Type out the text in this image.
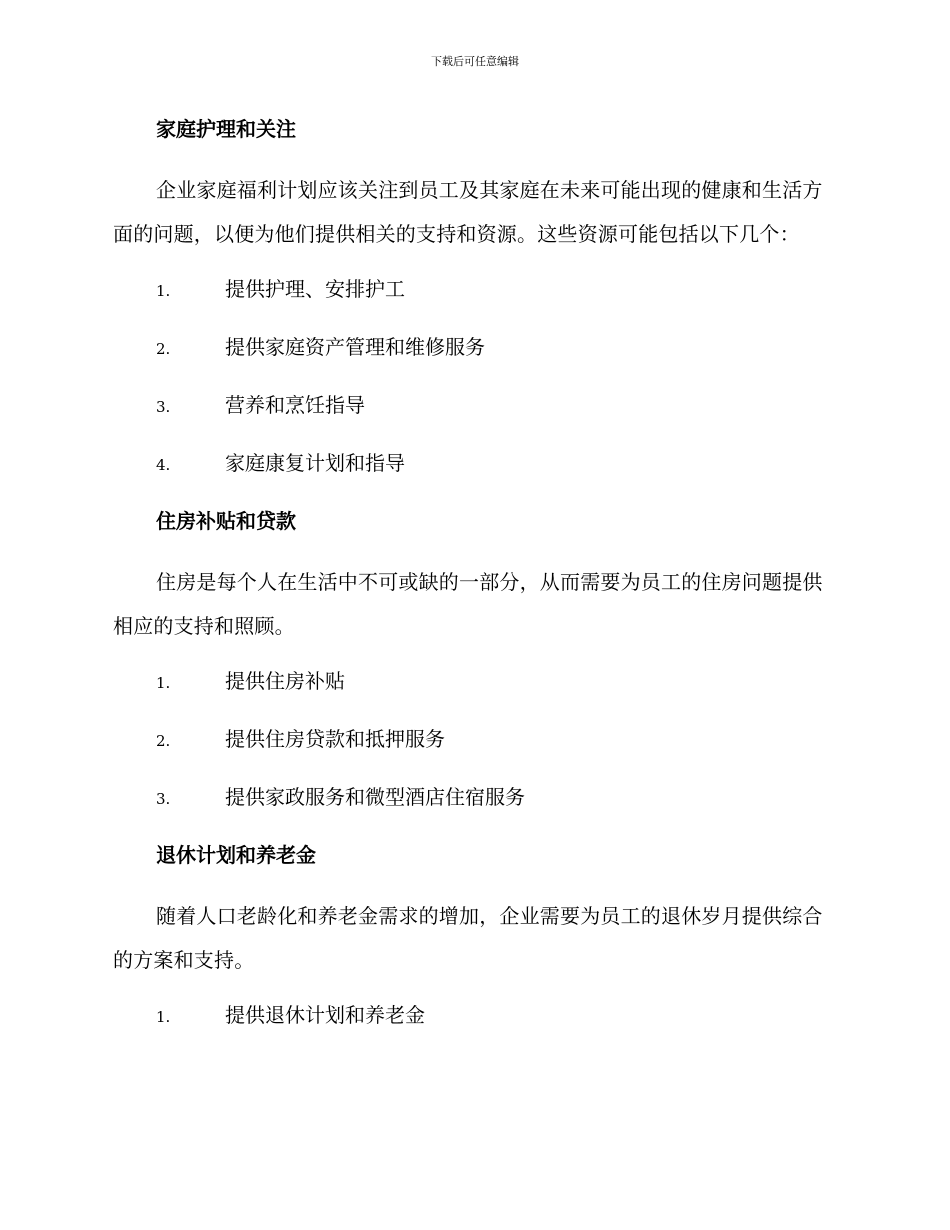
下载后可任意编辑
家庭护理和关注

企业家庭福利计划应该关注到员工及其家庭在未来可能出现的健康和生活方面的问题，以便为他们提供相关的支持和资源。这些资源可能包括以下几个：

1.	提供护理、安排护工
2.	提供家庭资产管理和维修服务
3.	营养和烹饪指导
4.	家庭康复计划和指导
住房补贴和贷款

住房是每个人在生活中不可或缺的一部分，从而需要为员工的住房问题提供相应的支持和照顾。

1.	提供住房补贴
2.	提供住房贷款和抵押服务
3.	提供家政服务和微型酒店住宿服务
退休计划和养老金

随着人口老龄化和养老金需求的增加，企业需要为员工的退休岁月提供综合的方案和支持。

1.	提供退休计划和养老金
